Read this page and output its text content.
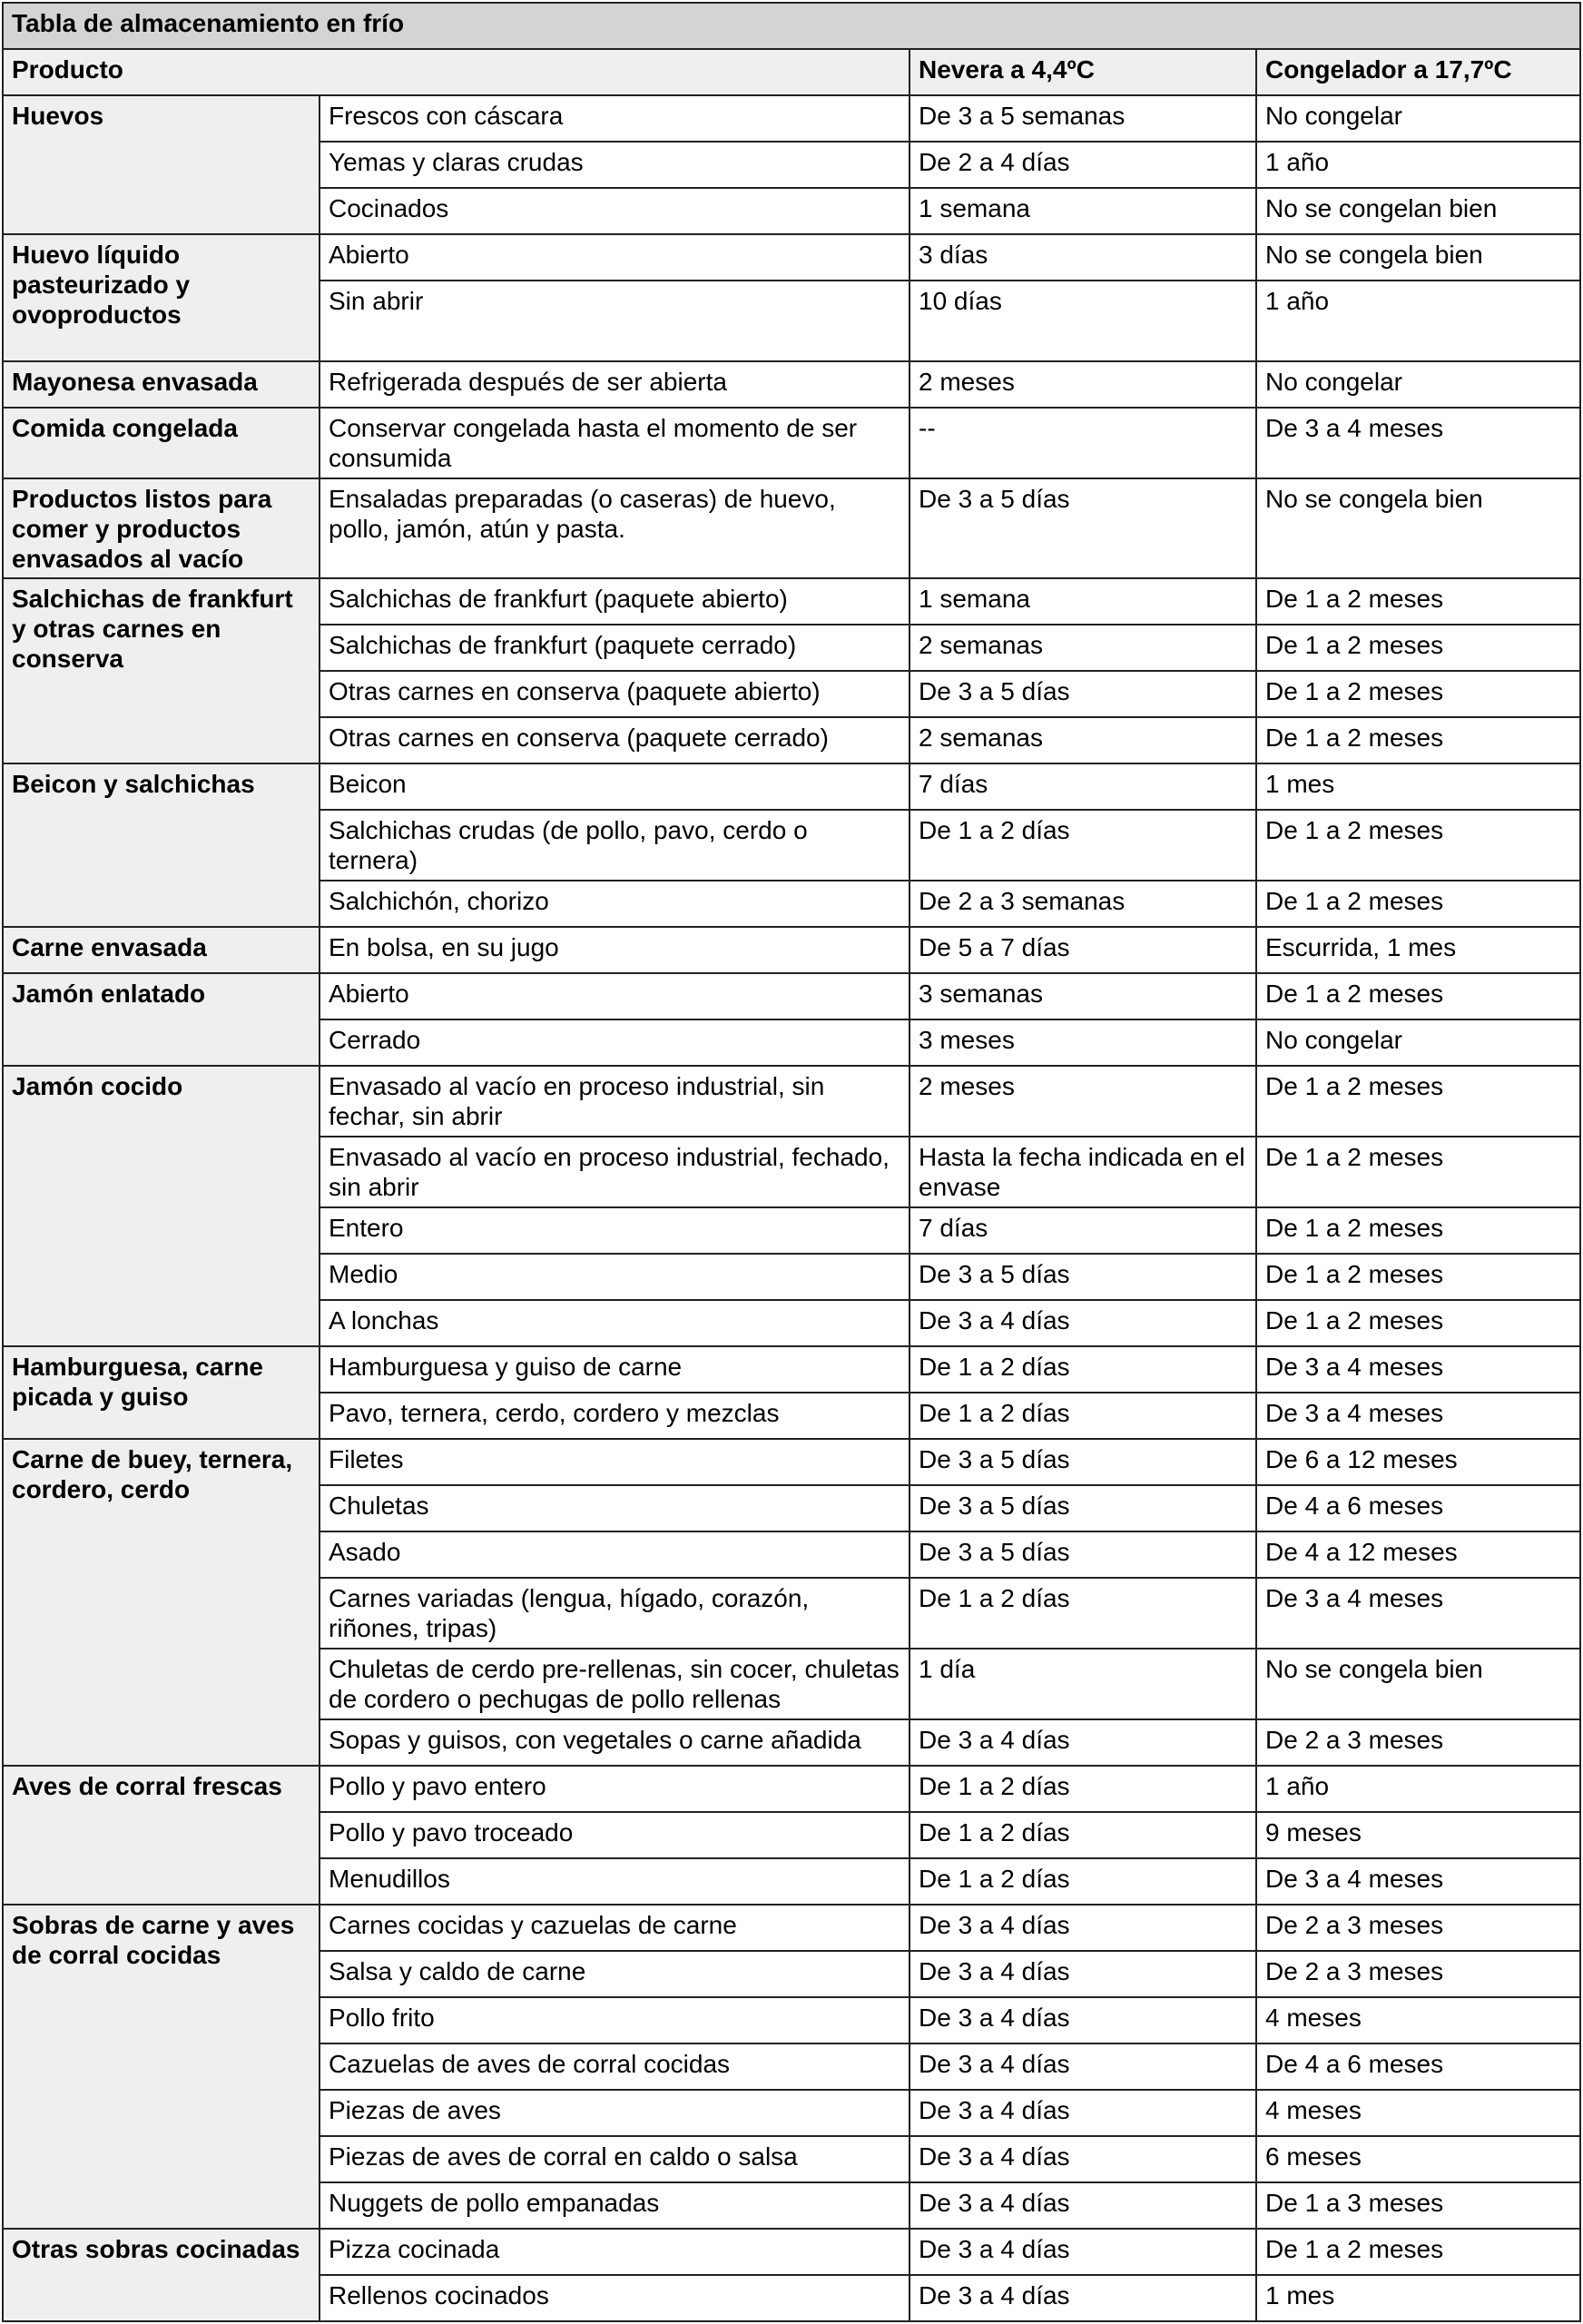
Tabla de almacenamiento en frío			
Producto		Nevera a 4,4ºC	Congelador a 17,7ºC
Huevos	Frescos con cáscara	De 3 a 5 semanas	No congelar
	Yemas y claras crudas	De 2 a 4 días	1 año
	Cocinados	1 semana	No se congelan bien
Huevo líquido pasteurizado y ovoproductos	Abierto	3 días	No se congela bien
	Sin abrir	10 días	1 año
Mayonesa envasada	Refrigerada después de ser abierta	2 meses	No congelar
Comida congelada	Conservar congelada hasta el momento de ser consumida	--	De 3 a 4 meses
Productos listos para comer y productos envasados al vacío	Ensaladas preparadas (o caseras) de huevo, pollo, jamón, atún y pasta.	De 3 a 5 días	No se congela bien
Salchichas de frankfurt y otras carnes en conserva	Salchichas de frankfurt (paquete abierto)	1 semana	De 1 a 2 meses
	Salchichas de frankfurt (paquete cerrado)	2 semanas	De 1 a 2 meses
	Otras carnes en conserva (paquete abierto)	De 3 a 5 días	De 1 a 2 meses
	Otras carnes en conserva (paquete cerrado)	2 semanas	De 1 a 2 meses
Beicon y salchichas	Beicon	7 días	1 mes
	Salchichas crudas (de pollo, pavo, cerdo o ternera)	De 1 a 2 días	De 1 a 2 meses
	Salchichón, chorizo	De 2 a 3 semanas	De 1 a 2 meses
Carne envasada	En bolsa, en su jugo	De 5 a 7 días	Escurrida, 1 mes
Jamón enlatado	Abierto	3 semanas	De 1 a 2 meses
	Cerrado	3 meses	No congelar
Jamón cocido	Envasado al vacío en proceso industrial, sin fechar, sin abrir	2 meses	De 1 a 2 meses
	Envasado al vacío en proceso industrial, fechado, sin abrir	Hasta la fecha indicada en el envase	De 1 a 2 meses
	Entero	7 días	De 1 a 2 meses
	Medio	De 3 a 5 días	De 1 a 2 meses
	A lonchas	De 3 a 4 días	De 1 a 2 meses
Hamburguesa, carne picada y guiso	Hamburguesa y guiso de carne	De 1 a 2 días	De 3 a 4 meses
	Pavo, ternera, cerdo, cordero y mezclas	De 1 a 2 días	De 3 a 4 meses
Carne de buey, ternera, cordero, cerdo	Filetes	De 3 a 5 días	De 6 a 12 meses
	Chuletas	De 3 a 5 días	De 4 a 6 meses
	Asado	De 3 a 5 días	De 4 a 12 meses
	Carnes variadas (lengua, hígado, corazón, riñones, tripas)	De 1 a 2 días	De 3 a 4 meses
	Chuletas de cerdo pre-rellenas, sin cocer, chuletas de cordero o pechugas de pollo rellenas	1 día	No se congela bien
	Sopas y guisos, con vegetales o carne añadida	De 3 a 4 días	De 2 a 3 meses
Aves de corral frescas	Pollo y pavo entero	De 1 a 2 días	1 año
	Pollo y pavo troceado	De 1 a 2 días	9 meses
	Menudillos	De 1 a 2 días	De 3 a 4 meses
Sobras de carne y aves de corral cocidas	Carnes cocidas y cazuelas de carne	De 3 a 4 días	De 2 a 3 meses
	Salsa y caldo de carne	De 3 a 4 días	De 2 a 3 meses
	Pollo frito	De 3 a 4 días	4 meses
	Cazuelas de aves de corral cocidas	De 3 a 4 días	De 4 a 6 meses
	Piezas de aves	De 3 a 4 días	4 meses
	Piezas de aves de corral en caldo o salsa	De 3 a 4 días	6 meses
	Nuggets de pollo empanadas	De 3 a 4 días	De 1 a 3 meses
Otras sobras cocinadas	Pizza cocinada	De 3 a 4 días	De 1 a 2 meses
	Rellenos cocinados	De 3 a 4 días	1 mes
